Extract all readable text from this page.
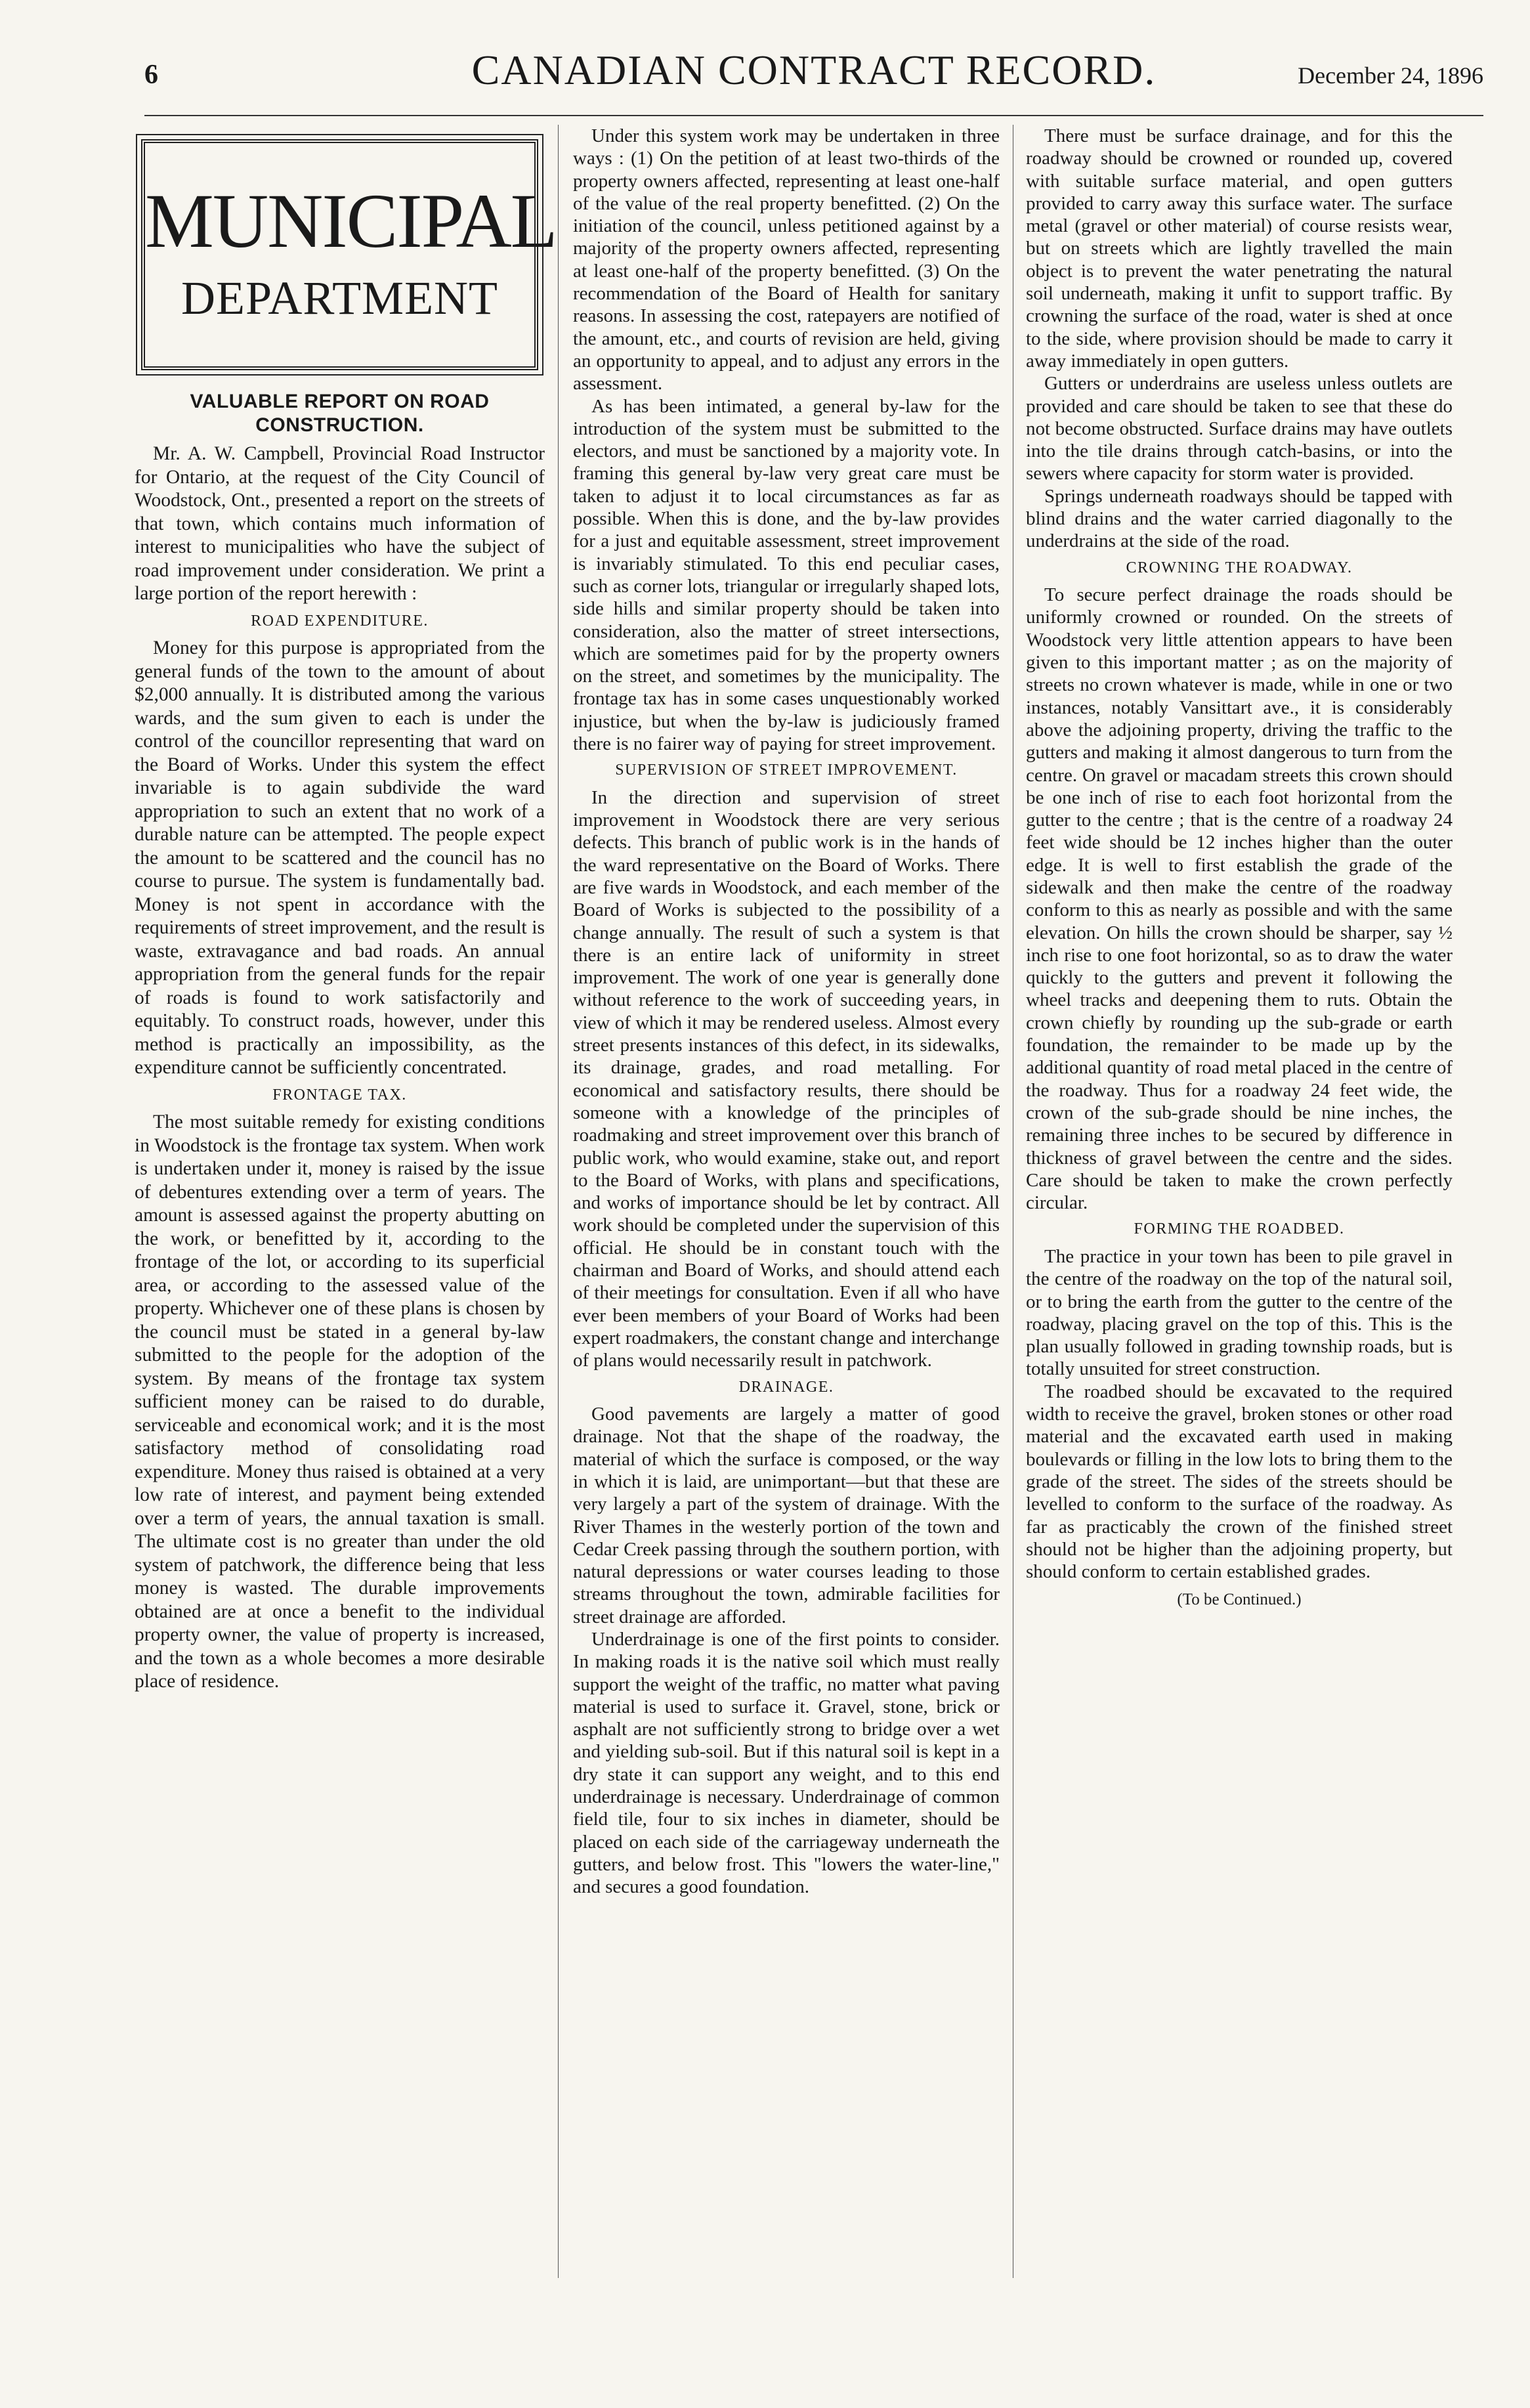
6	CANADIAN CONTRACT RECORD.	December 24, 1896
MUNICIPAL
DEPARTMENT
VALUABLE REPORT ON ROAD CONSTRUCTION.

Mr. A. W. Campbell, Provincial Road Instructor for Ontario, at the request of the City Council of Woodstock, Ont., presented a report on the streets of that town, which contains much information of interest to municipalities who have the subject of road improvement under consideration. We print a large portion of the report herewith :

ROAD EXPENDITURE.

Money for this purpose is appropriated from the general funds of the town to the amount of about $2,000 annually. It is distributed among the various wards, and the sum given to each is under the control of the councillor representing that ward on the Board of Works. Under this system the effect invariable is to again subdivide the ward appropriation to such an extent that no work of a durable nature can be attempted. The people expect the amount to be scattered and the council has no course to pursue. The system is fundamentally bad. Money is not spent in accordance with the requirements of street improvement, and the result is waste, extravagance and bad roads. An annual appropriation from the general funds for the repair of roads is found to work satisfactorily and equitably. To construct roads, however, under this method is practically an impossibility, as the expenditure cannot be sufficiently concentrated.

FRONTAGE TAX.

The most suitable remedy for existing conditions in Woodstock is the frontage tax system. When work is undertaken under it, money is raised by the issue of debentures extending over a term of years. The amount is assessed against the property abutting on the work, or benefitted by it, according to the frontage of the lot, or according to its superficial area, or according to the assessed value of the property. Whichever one of these plans is chosen by the council must be stated in a general by-law submitted to the people for the adoption of the system. By means of the frontage tax system sufficient money can be raised to do durable, serviceable and economical work; and it is the most satisfactory method of consolidating road expenditure. Money thus raised is obtained at a very low rate of interest, and payment being extended over a term of years, the annual taxation is small. The ultimate cost is no greater than under the old system of patchwork, the difference being that less money is wasted. The durable improvements obtained are at once a benefit to the individual property owner, the value of property is increased, and the town as a whole becomes a more desirable place of residence.

Under this system work may be undertaken in three ways : (1) On the petition of at least two-thirds of the property owners affected, representing at least one-half of the value of the real property benefitted. (2) On the initiation of the council, unless petitioned against by a majority of the property owners affected, representing at least one-half of the property benefitted. (3) On the recommendation of the Board of Health for sanitary reasons. In assessing the cost, ratepayers are notified of the amount, etc., and courts of revision are held, giving an opportunity to appeal, and to adjust any errors in the assessment.

As has been intimated, a general by-law for the introduction of the system must be submitted to the electors, and must be sanctioned by a majority vote. In framing this general by-law very great care must be taken to adjust it to local circumstances as far as possible. When this is done, and the by-law provides for a just and equitable assessment, street improvement is invariably stimulated. To this end peculiar cases, such as corner lots, triangular or irregularly shaped lots, side hills and similar property should be taken into consideration, also the matter of street intersections, which are sometimes paid for by the property owners on the street, and sometimes by the municipality. The frontage tax has in some cases unquestionably worked injustice, but when the by-law is judiciously framed there is no fairer way of paying for street improvement.

SUPERVISION OF STREET IMPROVEMENT.

In the direction and supervision of street improvement in Woodstock there are very serious defects. This branch of public work is in the hands of the ward representative on the Board of Works. There are five wards in Woodstock, and each member of the Board of Works is subjected to the possibility of a change annually. The result of such a system is that there is an entire lack of uniformity in street improvement. The work of one year is generally done without reference to the work of succeeding years, in view of which it may be rendered useless. Almost every street presents instances of this defect, in its sidewalks, its drainage, grades, and road metalling. For economical and satisfactory results, there should be someone with a knowledge of the principles of roadmaking and street improvement over this branch of public work, who would examine, stake out, and report to the Board of Works, with plans and specifications, and works of importance should be let by contract. All work should be completed under the supervision of this official. He should be in constant touch with the chairman and Board of Works, and should attend each of their meetings for consultation. Even if all who have ever been members of your Board of Works had been expert roadmakers, the constant change and interchange of plans would necessarily result in patchwork.

DRAINAGE.

Good pavements are largely a matter of good drainage. Not that the shape of the roadway, the material of which the surface is composed, or the way in which it is laid, are unimportant—but that these are very largely a part of the system of drainage. With the River Thames in the westerly portion of the town and Cedar Creek passing through the southern portion, with natural depressions or water courses leading to those streams throughout the town, admirable facilities for street drainage are afforded.

Underdrainage is one of the first points to consider. In making roads it is the native soil which must really support the weight of the traffic, no matter what paving material is used to surface it. Gravel, stone, brick or asphalt are not sufficiently strong to bridge over a wet and yielding sub-soil. But if this natural soil is kept in a dry state it can support any weight, and to this end underdrainage is necessary. Underdrainage of common field tile, four to six inches in diameter, should be placed on each side of the carriageway underneath the gutters, and below frost. This "lowers the water-line," and secures a good foundation.

There must be surface drainage, and for this the roadway should be crowned or rounded up, covered with suitable surface material, and open gutters provided to carry away this surface water. The surface metal (gravel or other material) of course resists wear, but on streets which are lightly travelled the main object is to prevent the water penetrating the natural soil underneath, making it unfit to support traffic. By crowning the surface of the road, water is shed at once to the side, where provision should be made to carry it away immediately in open gutters.

Gutters or underdrains are useless unless outlets are provided and care should be taken to see that these do not become obstructed. Surface drains may have outlets into the tile drains through catch-basins, or into the sewers where capacity for storm water is provided.

Springs underneath roadways should be tapped with blind drains and the water carried diagonally to the underdrains at the side of the road.

CROWNING THE ROADWAY.

To secure perfect drainage the roads should be uniformly crowned or rounded. On the streets of Woodstock very little attention appears to have been given to this important matter ; as on the majority of streets no crown whatever is made, while in one or two instances, notably Vansittart ave., it is considerably above the adjoining property, driving the traffic to the gutters and making it almost dangerous to turn from the centre. On gravel or macadam streets this crown should be one inch of rise to each foot horizontal from the gutter to the centre ; that is the centre of a roadway 24 feet wide should be 12 inches higher than the outer edge. It is well to first establish the grade of the sidewalk and then make the centre of the roadway conform to this as nearly as possible and with the same elevation. On hills the crown should be sharper, say ½ inch rise to one foot horizontal, so as to draw the water quickly to the gutters and prevent it following the wheel tracks and deepening them to ruts. Obtain the crown chiefly by rounding up the sub-grade or earth foundation, the remainder to be made up by the additional quantity of road metal placed in the centre of the roadway. Thus for a roadway 24 feet wide, the crown of the sub-grade should be nine inches, the remaining three inches to be secured by difference in thickness of gravel between the centre and the sides. Care should be taken to make the crown perfectly circular.

FORMING THE ROADBED.

The practice in your town has been to pile gravel in the centre of the roadway on the top of the natural soil, or to bring the earth from the gutter to the centre of the roadway, placing gravel on the top of this. This is the plan usually followed in grading township roads, but is totally unsuited for street construction.

The roadbed should be excavated to the required width to receive the gravel, broken stones or other road material and the excavated earth used in making boulevards or filling in the low lots to bring them to the grade of the street. The sides of the streets should be levelled to conform to the surface of the roadway. As far as practicably the crown of the finished street should not be higher than the adjoining property, but should conform to certain established grades.

(To be Continued.)
